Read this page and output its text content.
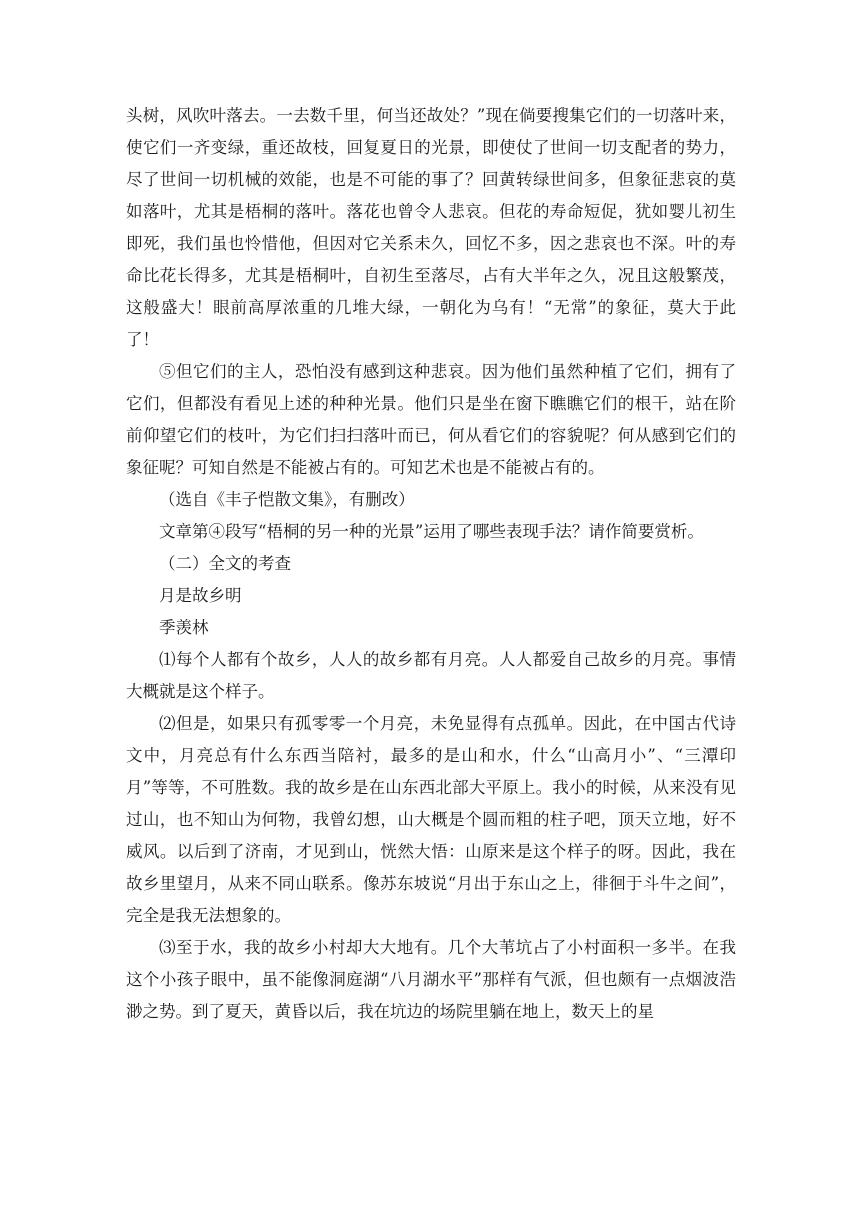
头树，风吹叶落去。一去数千里，何当还故处？”现在倘要搜集它们的一切落叶来，使它们一齐变绿，重还故枝，回复夏日的光景，即使仗了世间一切支配者的势力，尽了世间一切机械的效能，也是不可能的事了？回黄转绿世间多，但象征悲哀的莫如落叶，尤其是梧桐的落叶。落花也曾令人悲哀。但花的寿命短促，犹如婴儿初生即死，我们虽也怜惜他，但因对它关系未久，回忆不多，因之悲哀也不深。叶的寿命比花长得多，尤其是梧桐叶，自初生至落尽，占有大半年之久，况且这般繁茂，这般盛大！眼前高厚浓重的几堆大绿，一朝化为乌有！“无常”的象征，莫大于此了！

⑤但它们的主人，恐怕没有感到这种悲哀。因为他们虽然种植了它们，拥有了它们，但都没有看见上述的种种光景。他们只是坐在窗下瞧瞧它们的根干，站在阶前仰望它们的枝叶，为它们扫扫落叶而已，何从看它们的容貌呢？何从感到它们的象征呢？可知自然是不能被占有的。可知艺术也是不能被占有的。

（选自《丰子恺散文集》，有删改）

文章第④段写“梧桐的另一种的光景”运用了哪些表现手法？请作简要赏析。

（二）全文的考查

月是故乡明

季羡林

⑴每个人都有个故乡，人人的故乡都有月亮。人人都爱自己故乡的月亮。事情大概就是这个样子。

⑵但是，如果只有孤零零一个月亮，未免显得有点孤单。因此，在中国古代诗文中，月亮总有什么东西当陪衬，最多的是山和水，什么“山高月小”、“三潭印月”等等，不可胜数。我的故乡是在山东西北部大平原上。我小的时候，从来没有见过山，也不知山为何物，我曾幻想，山大概是个圆而粗的柱子吧，顶天立地，好不威风。以后到了济南，才见到山，恍然大悟：山原来是这个样子的呀。因此，我在故乡里望月，从来不同山联系。像苏东坡说“月出于东山之上，徘徊于斗牛之间”，完全是我无法想象的。

⑶至于水，我的故乡小村却大大地有。几个大苇坑占了小村面积一多半。在我这个小孩子眼中，虽不能像洞庭湖“八月湖水平”那样有气派，但也颇有一点烟波浩渺之势。到了夏天，黄昏以后，我在坑边的场院里躺在地上，数天上的星
